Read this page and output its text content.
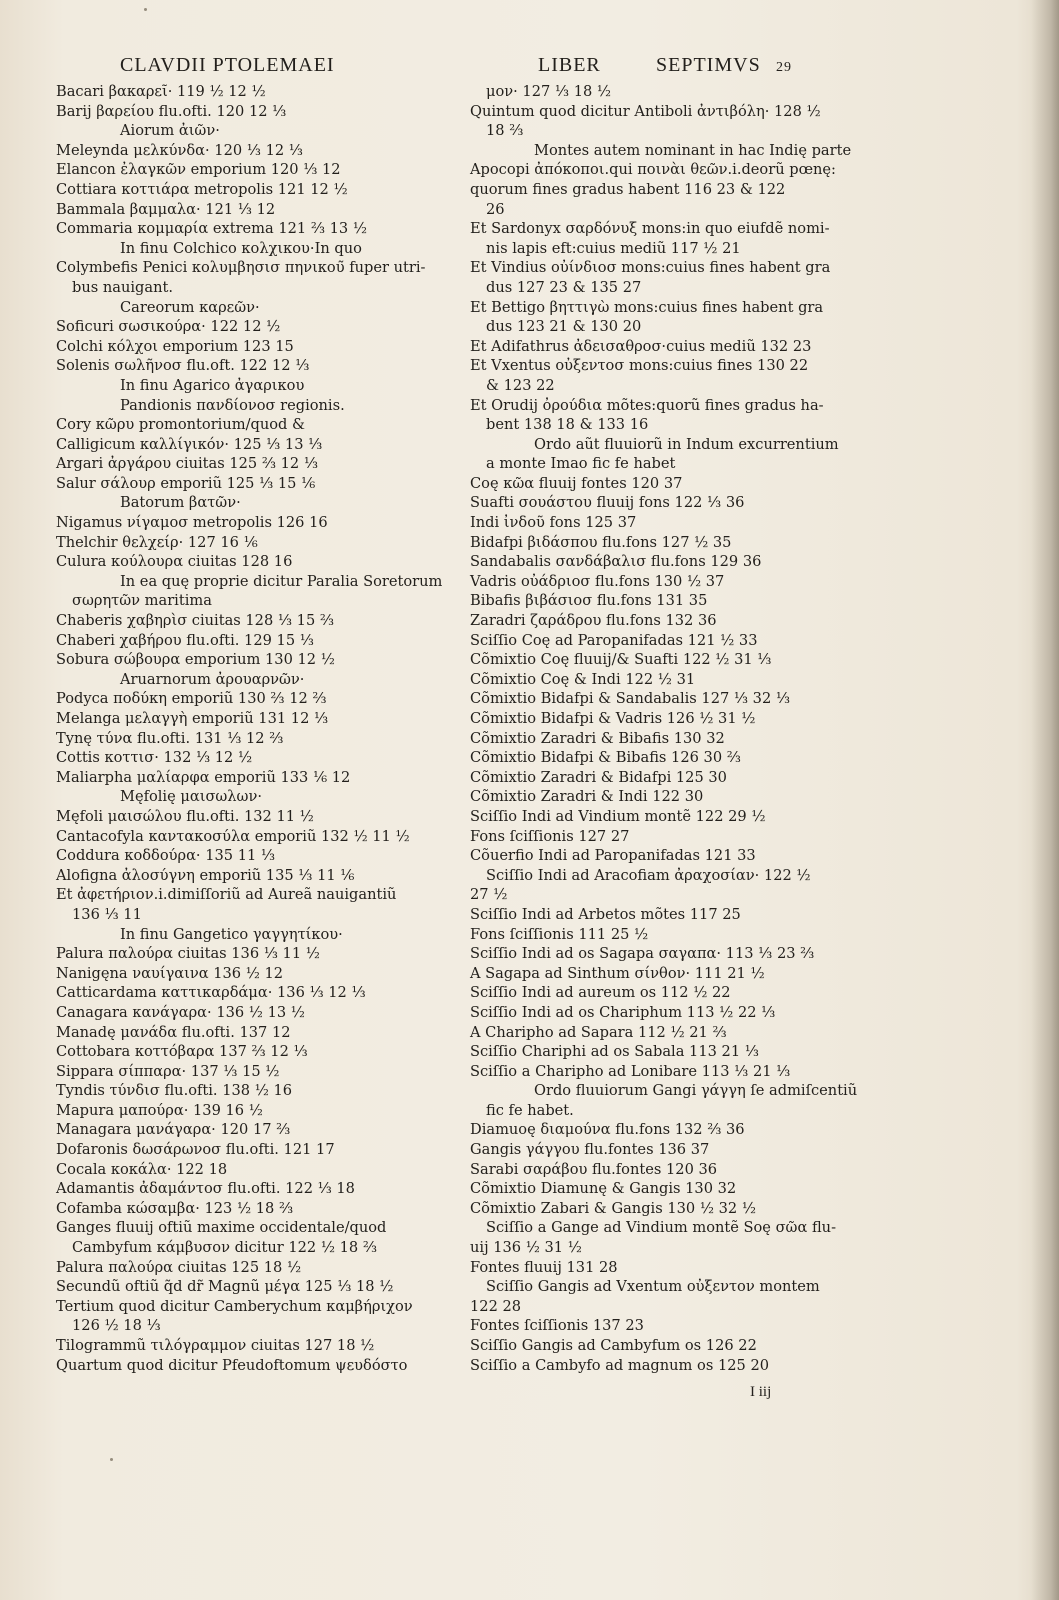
CLAVDII PTOLEMAEI	LIBER	SEPTIMVS 29
Bacari βακαρεῖ· 119 ½ 12 ½
Barij βαρείου flu.ofti. 120 12 ⅓
Aiorum ἀιῶν·
Meleynda μελκύνδα· 120 ⅓ 12 ⅓
Elancon ἐλαγκῶν emporium 120 ⅓ 12
Cottiara κοττιάρα metropolis 121 12 ½
Bammala βαμμαλα· 121 ⅓ 12
Commaria κομμαρία extrema 121 ⅔ 13 ½
In finu Colchico κολχικου·In quo
Colymbefis Penici κολυμβησισ πηνικου̃ fuper utri-
bus nauigant.
Careorum καρεῶν·
Soficuri σωσικούρα· 122 12 ½
Colchi κόλχοι emporium 123 15
Solenis σωλῆνοσ flu.oft. 122 12 ⅓
In finu Agarico ἀγαρικου
Pandionis πανδίονοσ regionis.
Cory κῶρυ promontorium/quod &
Calligicum καλλίγικόν· 125 ⅓ 13 ⅓
Argari ἀργάρου ciuitas 125 ⅔ 12 ⅓
Salur σάλουρ emporiũ 125 ⅓ 15 ⅙
Batorum βατῶν·
Nigamus νίγαμοσ metropolis 126 16
Thelchir θελχείρ· 127 16 ⅙
Culura κούλουρα ciuitas 128 16
In ea quę proprie dicitur Paralia Soretorum
σωρητῶν maritima
Chaberis χαβηρὶσ ciuitas 128 ⅓ 15 ⅔
Chaberi χαβήρου flu.ofti. 129 15 ⅓
Sobura σώβουρα emporium 130 12 ½
Aruarnorum ἀρουαρνῶν·
Podyca ποδύκη emporiũ 130 ⅔ 12 ⅔
Melanga μελαγγὴ emporiũ 131 12 ⅓
Tynę τύνα flu.ofti. 131 ⅓ 12 ⅔
Cottis κοττισ· 132 ⅓ 12 ½
Maliarpha μαλίαρφα emporiũ 133 ⅙ 12
Męfolię μαισωλων·
Męfoli μαισώλου flu.ofti. 132 11 ½
Cantacofyla καντακοσύλα emporiũ 132 ½ 11 ½
Coddura κοδδούρα· 135 11 ⅓
Alofigna ἀλοσύγνη emporiũ 135 ⅓ 11 ⅙
Et ἀφετήριον.i.dimiſſoriũ ad Aureã nauigantiũ
136 ⅓ 11
In finu Gangetico γαγγητίκου·
Palura παλούρα ciuitas 136 ⅓ 11 ½
Nanigęna ναυίγαινα 136 ½ 12
Catticardama καττικαρδάμα· 136 ⅓ 12 ⅓
Canagara κανάγαρα· 136 ½ 13 ½
Manadę μανάδα flu.ofti. 137 12
Cottobara κοττόβαρα 137 ⅔ 12 ⅓
Sippara σίππαρα· 137 ⅓ 15 ½
Tyndis τύνδισ flu.ofti. 138 ½ 16
Mapura μαπούρα· 139 16 ½
Managara μανάγαρα· 120 17 ⅔
Dofaronis δωσάρωνοσ flu.ofti. 121 17
Cocala κοκάλα· 122 18
Adamantis ἀδαμάντοσ flu.ofti. 122 ⅓ 18
Cofamba κώσαμβα· 123 ½ 18 ⅔
Ganges fluuij oftiũ maxime occidentale/quod
Cambyfum κάμβυσον dicitur 122 ½ 18 ⅔
Palura παλούρα ciuitas 125 18 ½
Secundũ oftiũ q̃d dr̃ Magnũ μέγα 125 ⅓ 18 ½
Tertium quod dicitur Camberychum καμβήριχον
126 ½ 18 ⅓
Tilogrammũ τιλόγραμμον ciuitas 127 18 ½
Quartum quod dicitur Pfeudoftomum ψευδόστο
μον· 127 ⅓ 18 ½
Quintum quod dicitur Antiboli ἀντιβόλη· 128 ½
18 ⅔
Montes autem nominant in hac Indię parte
Apocopi ἀπόκοποι.qui ποινὰι θεῶν.i.deorũ pœnę:
quorum fines gradus habent 116 23 & 122
26
Et Sardonyx σαρδόνυξ mons:in quo eiufdẽ nomi-
nis lapis eft:cuius mediũ 117 ½ 21
Et Vindius οὐίνδιοσ mons:cuius fines habent gra
dus 127 23 & 135 27
Et Bettigo βηττιγὼ mons:cuius fines habent gra
dus 123 21 & 130 20
Et Adifathrus ἀδεισαθροσ·cuius mediũ 132 23
Et Vxentus οὐξεντοσ mons:cuius fines 130 22
& 123 22
Et Orudij ὀρούδια mõtes:quorũ fines gradus ha-
bent 138 18 & 133 16
Ordo aũt fluuiorũ in Indum excurrentium
a monte Imao fic fe habet
Coę κῶα fluuij fontes 120 37
Suafti σουάστου fluuij fons 122 ⅓ 36
Indi ἰνδοῦ fons 125 37
Bidafpi βιδάσπου flu.fons 127 ½ 35
Sandabalis σανδάβαλισ flu.fons 129 36
Vadris οὐάδριοσ flu.fons 130 ½ 37
Bibafis βιβάσιοσ flu.fons 131 35
Zaradri ζαράδρου flu.fons 132 36
Sciſſio Coę ad Paropanifadas 121 ½ 33
Cõmixtio Coę fluuij/& Suafti 122 ½ 31 ⅓
Cõmixtio Coę & Indi 122 ½ 31
Cõmixtio Bidafpi & Sandabalis 127 ⅓ 32 ⅓
Cõmixtio Bidafpi & Vadris 126 ½ 31 ½
Cõmixtio Zaradri & Bibafis 130 32
Cõmixtio Bidafpi & Bibafis 126 30 ⅔
Cõmixtio Zaradri & Bidafpi 125 30
Cõmixtio Zaradri & Indi 122 30
Sciſſio Indi ad Vindium montẽ 122 29 ½
Fons ſciſſionis 127 27
Cõuerfio Indi ad Paropanifadas 121 33
Sciſſio Indi ad Aracofiam ἀραχοσίαν· 122 ½
27 ½
Sciſſio Indi ad Arbetos mõtes 117 25
Fons ſciſſionis 111 25 ½
Sciſſio Indi ad os Sagapa σαγαπα· 113 ⅓ 23 ⅔
A Sagapa ad Sinthum σίνθον· 111 21 ½
Sciſſio Indi ad aureum os 112 ½ 22
Sciſſio Indi ad os Chariphum 113 ½ 22 ⅓
A Charipho ad Sapara 112 ½ 21 ⅔
Sciſſio Chariphi ad os Sabala 113 21 ⅓
Sciſſio a Charipho ad Lonibare 113 ⅓ 21 ⅓
Ordo fluuiorum Gangi γάγγη ſe admiſcentiũ
fic fe habet.
Diamuoę διαμούνα flu.fons 132 ⅔ 36
Gangis γάγγου flu.fontes 136 37
Sarabi σαράβου flu.fontes 120 36
Cõmixtio Diamunę & Gangis 130 32
Cõmixtio Zabari & Gangis 130 ½ 32 ½
Sciſſio a Gange ad Vindium montẽ Soę σῶα flu-
uij 136 ½ 31 ½
Fontes fluuij 131 28
Sciſſio Gangis ad Vxentum οὐξεντον montem
122 28
Fontes ſciſſionis 137 23
Sciſſio Gangis ad Cambyfum os 126 22
Sciſſio a Cambyfo ad magnum os 125 20
I iij
